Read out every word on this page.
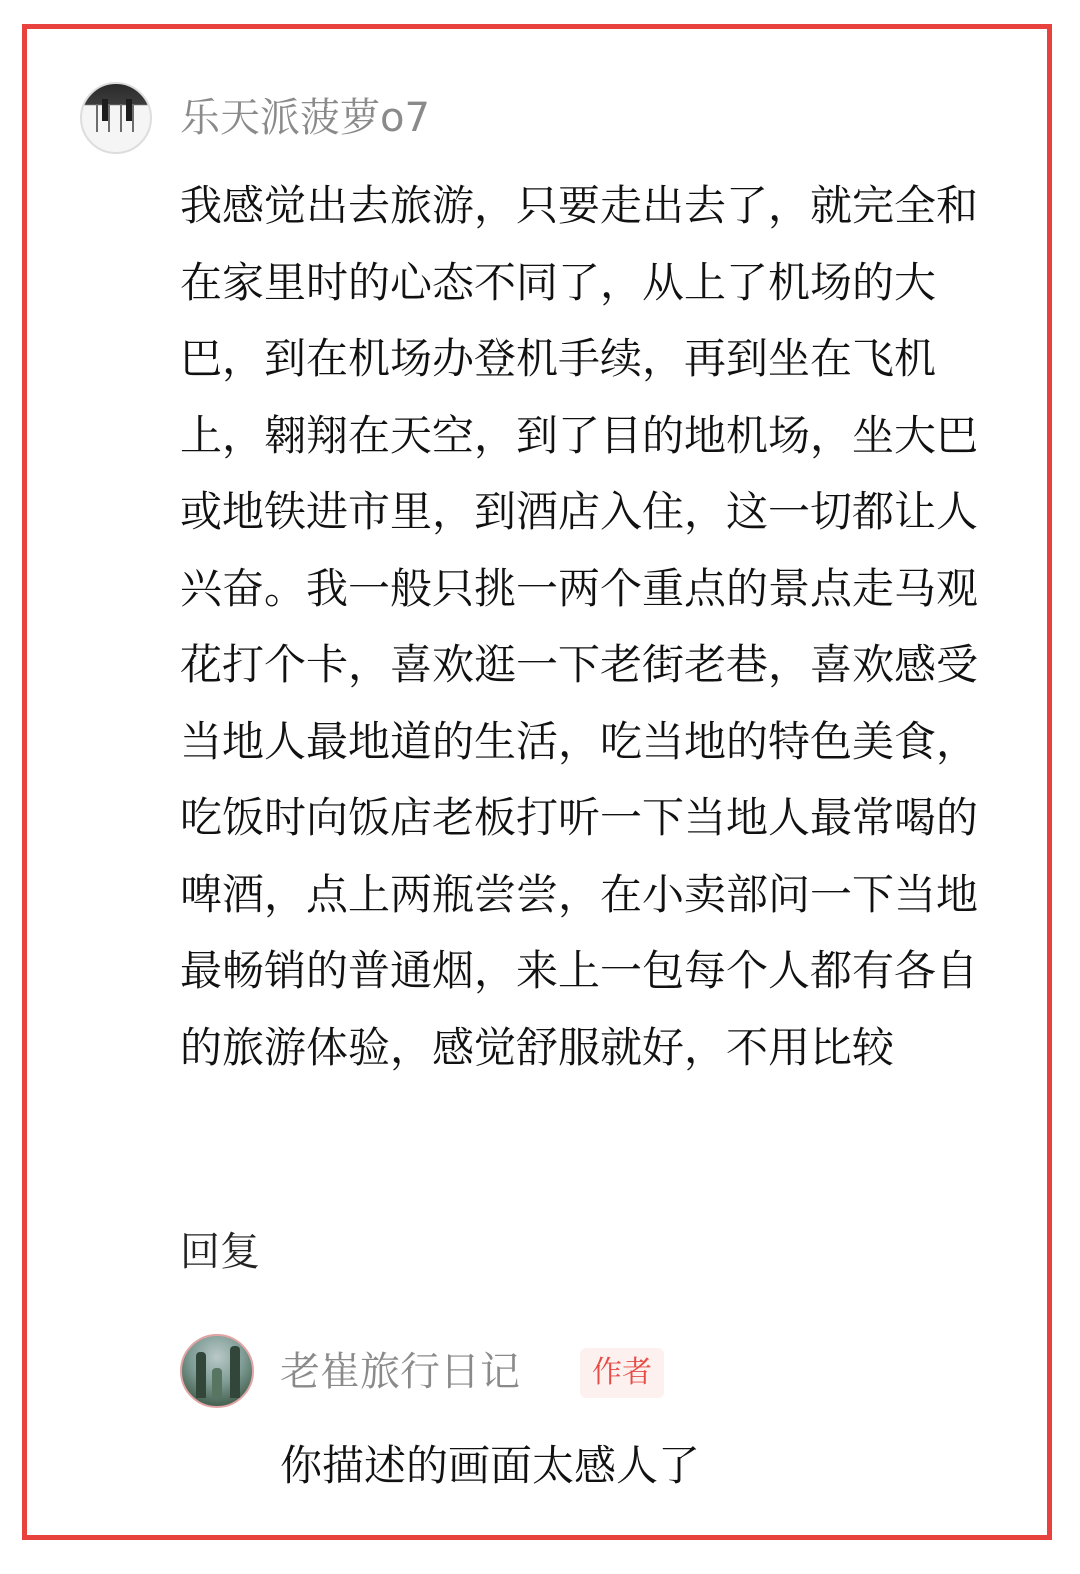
乐天派菠萝o7
我感觉出去旅游，只要走出去了，就完全和在家里时的心态不同了，从上了机场的大巴，到在机场办登机手续，再到坐在飞机上，翱翔在天空，到了目的地机场，坐大巴或地铁进市里，到酒店入住，这一切都让人兴奋。我一般只挑一两个重点的景点走马观花打个卡，喜欢逛一下老街老巷，喜欢感受当地人最地道的生活，吃当地的特色美食，吃饭时向饭店老板打听一下当地人最常喝的啤酒，点上两瓶尝尝，在小卖部问一下当地最畅销的普通烟，来上一包每个人都有各自的旅游体验，感觉舒服就好，不用比较
回复
老崔旅行日记	作者
你描述的画面太感人了
